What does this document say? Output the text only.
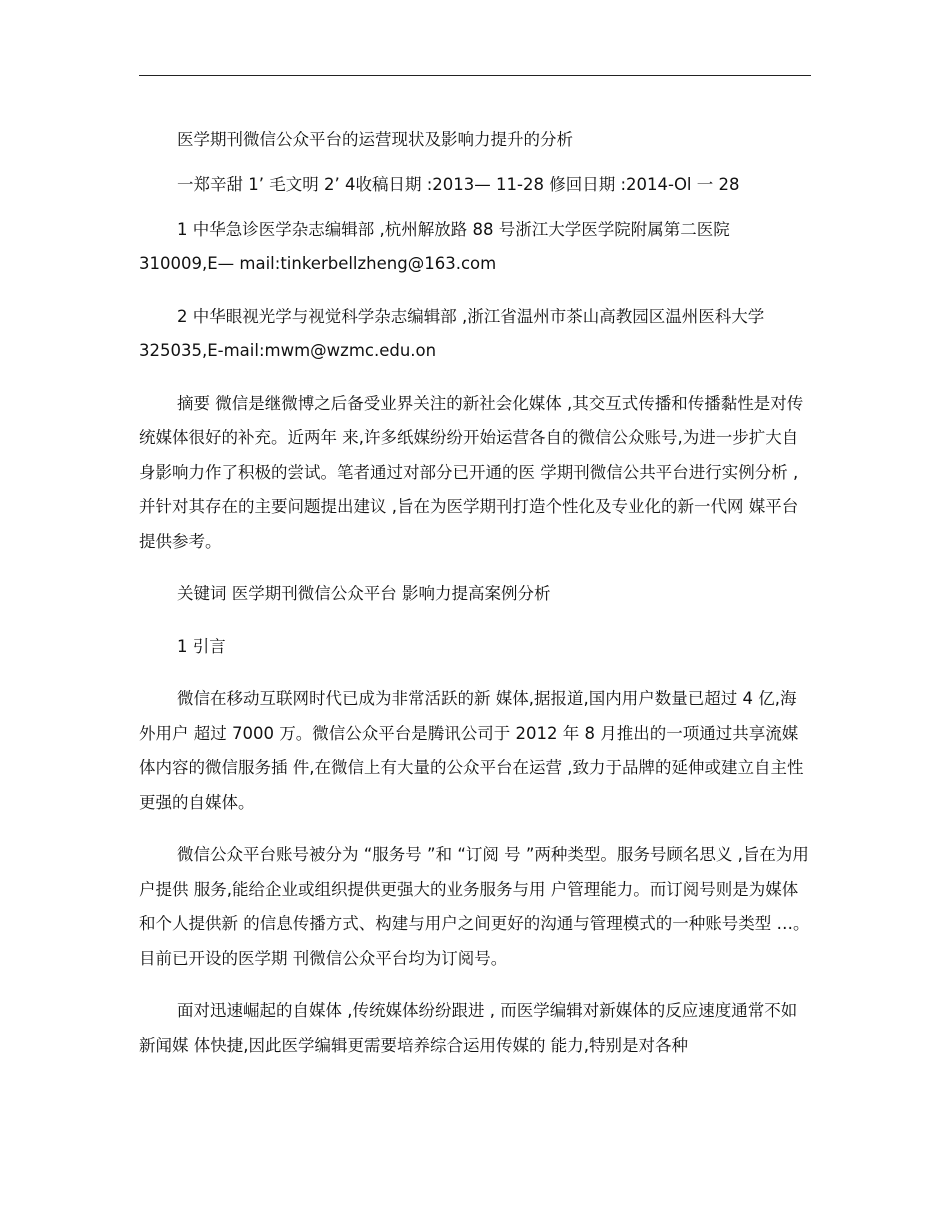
医学期刊微信公众平台的运营现状及影响力提升的分析

一郑辛甜 1’ 毛文明 2’ 4收稿日期 :2013— 11-28 修回日期 :2014-Ol 一 28

1 中华急诊医学杂志编辑部 ,杭州解放路 88 号浙江大学医学院附属第二医院 310009,E— mail:tinkerbellzheng@163.com

2 中华眼视光学与视觉科学杂志编辑部 ,浙江省温州市茶山高教园区温州医科大学 325035,E-mail:mwm@wzmc.edu.on

摘要 微信是继微博之后备受业界关注的新社会化媒体 ,其交互式传播和传播黏性是对传统媒体很好的补充。近两年 来,许多纸媒纷纷开始运营各自的微信公众账号,为进一步扩大自身影响力作了积极的尝试。笔者通过对部分已开通的医 学期刊微信公共平台进行实例分析 ,并针对其存在的主要问题提出建议 ,旨在为医学期刊打造个性化及专业化的新一代网 媒平台提供参考。

关键词 医学期刊微信公众平台 影响力提高案例分析

1 引言

微信在移动互联网时代已成为非常活跃的新 媒体,据报道,国内用户数量已超过 4 亿,海外用户 超过 7000 万。微信公众平台是腾讯公司于 2012 年 8 月推出的一项通过共享流媒体内容的微信服务插 件,在微信上有大量的公众平台在运营 ,致力于品牌的延伸或建立自主性更强的自媒体。

微信公众平台账号被分为 “服务号 ”和 “订阅 号 ”两种类型。服务号顾名思义 ,旨在为用户提供 服务,能给企业或组织提供更强大的业务服务与用 户管理能力。而订阅号则是为媒体和个人提供新 的信息传播方式、构建与用户之间更好的沟通与管理模式的一种账号类型 …。目前已开设的医学期 刊微信公众平台均为订阅号。

面对迅速崛起的自媒体 ,传统媒体纷纷跟进 , 而医学编辑对新媒体的反应速度通常不如新闻媒 体快捷,因此医学编辑更需要培养综合运用传媒的 能力,特别是对各种
